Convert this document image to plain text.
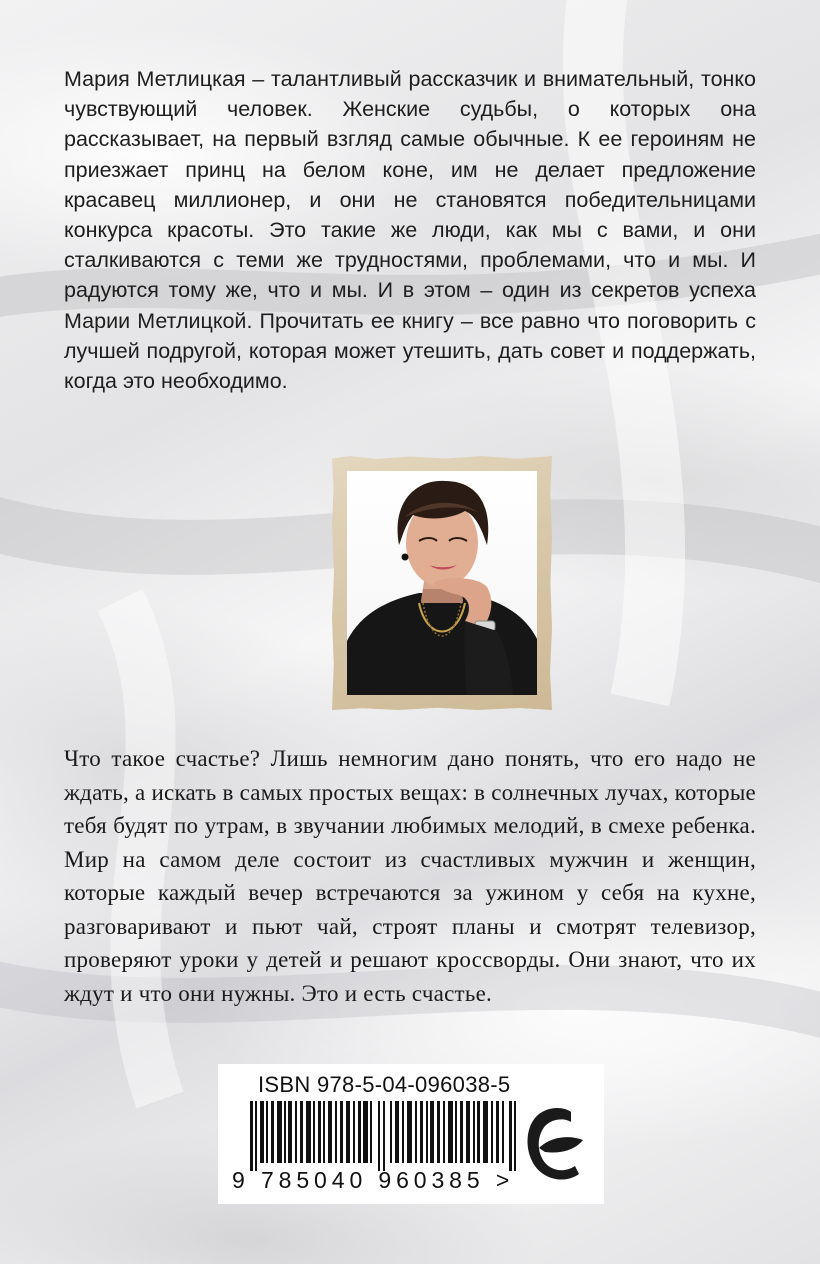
Мария Метлицкая – талантливый рассказчик и внимательный, тонко чувствующий человек. Женские судьбы, о которых она рассказывает, на первый взгляд самые обычные. К ее героиням не приезжает принц на белом коне, им не делает предложение красавец миллионер, и они не становятся победительницами конкурса красоты. Это такие же люди, как мы с вами, и они сталкиваются с теми же трудностями, проблемами, что и мы. И радуются тому же, что и мы. И в этом – один из секретов успеха Марии Метлицкой. Прочитать ее книгу – все равно что поговорить с лучшей подругой, которая может утешить, дать совет и поддержать, когда это необходимо.

Что такое счастье? Лишь немногим дано понять, что его надо не ждать, а искать в самых простых вещах: в солнечных лучах, которые тебя будят по утрам, в звучании любимых мелодий, в смехе ребенка. Мир на самом деле состоит из счастливых мужчин и женщин, которые каждый вечер встречаются за ужином у себя на кухне, разговаривают и пьют чай, строят планы и смотрят телевизор, проверяют уроки у детей и решают кроссворды. Они знают, что их ждут и что они нужны. Это и есть счастье.

ISBN 978-5-04-096038-5
9 785040 960385 >
